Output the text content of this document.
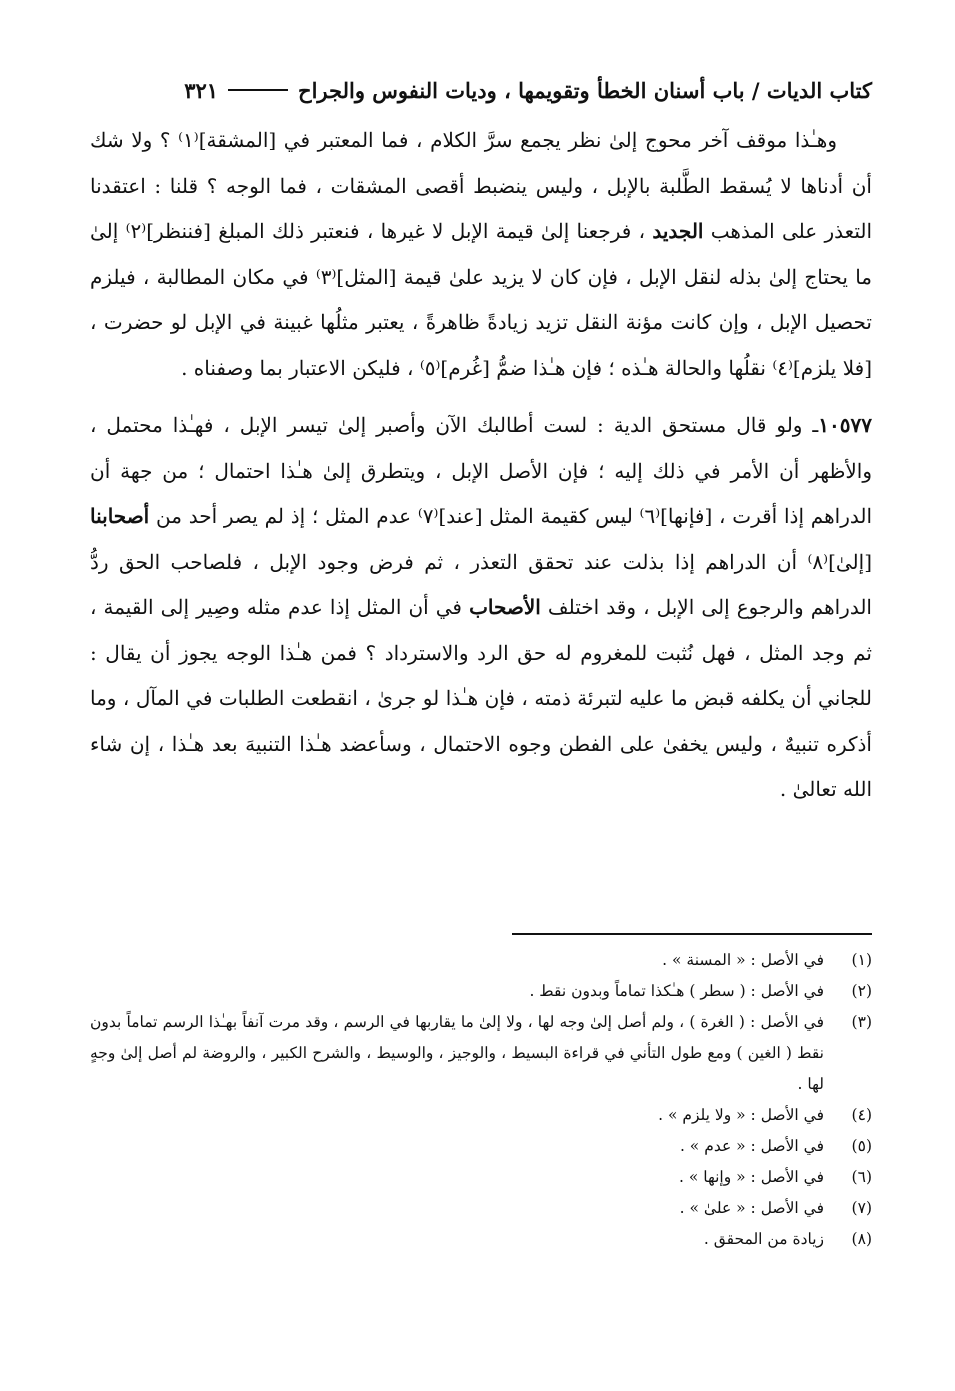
كتاب الديات / باب أسنان الخطأ وتقويمها ، وديات النفوس والجراح
٣٢١

وهـٰذا موقف آخر محوج إلىٰ نظر يجمع سرَّ الكلام ، فما المعتبر في [المشقة]⁽١⁾ ؟ ولا شك أن أدناها لا يُسقط الطَّلبة بالإبل ، وليس ينضبط أقصى المشقات ، فما الوجه ؟ قلنا : اعتقدنا التعذر على المذهب الجديد ، فرجعنا إلىٰ قيمة الإبل لا غيرها ، فنعتبر ذلك المبلغ [فننظر]⁽٢⁾ إلىٰ ما يحتاج إلىٰ بذله لنقل الإبل ، فإن كان لا يزيد علىٰ قيمة [المثل]⁽٣⁾ في مكان المطالبة ، فيلزم تحصيل الإبل ، وإن كانت مؤنة النقل تزيد زيادةً ظاهرةً ، يعتبر مثلُها غبينة في الإبل لو حضرت ، [فلا يلزم]⁽٤⁾ نقلُها والحالة هـٰذه ؛ فإن هـٰذا ضمُّ [غُرم]⁽٥⁾ ، فليكن الاعتبار بما وصفناه .

١٠٥٧٧ـ ولو قال مستحق الدية : لست أطالبك الآن وأصبر إلىٰ تيسر الإبل ، فهـٰذا محتمل ، والأظهر أن الأمر في ذلك إليه ؛ فإن الأصل الإبل ، ويتطرق إلىٰ هـٰذا احتمال ؛ من جهة أن الدراهم إذا أقرت ، [فإنها]⁽٦⁾ ليس كقيمة المثل [عند]⁽٧⁾ عدم المثل ؛ إذ لم يصر أحد من أصحابنا [إلىٰ]⁽٨⁾ أن الدراهم إذا بذلت عند تحقق التعذر ، ثم فرض وجود الإبل ، فلصاحب الحق ردُّ الدراهم والرجوع إلى الإبل ، وقد اختلف الأصحاب في أن المثل إذا عدم مثله وصِير إلى القيمة ، ثم وجد المثل ، فهل نُثبت للمغروم له حق الرد والاسترداد ؟ فمن هـٰذا الوجه يجوز أن يقال : للجاني أن يكلفه قبض ما عليه لتبرئة ذمته ، فإن هـٰذا لو جرىٰ ، انقطعت الطلبات في المآل ، وما أذكره تنبيهٌ ، وليس يخفىٰ على الفطن وجوه الاحتمال ، وسأعضد هـٰذا التنبيهَ بعد هـٰذا ، إن شاء الله تعالىٰ .

(١)
في الأصل : « المسنة » .
(٢)
في الأصل : ( سطر ) هـٰكذا تماماً وبدون نقط .
(٣)
في الأصل : ( الغرة ) ، ولم أصل إلىٰ وجه لها ، ولا إلىٰ ما يقاربها في الرسم ، وقد مرت آنفاً بهـٰذا الرسم تماماً بدون نقط ( الغين ) ومع طول التأني في قراءة البسيط ، والوجيز ، والوسيط ، والشرح الكبير ، والروضة لم أصل إلىٰ وجهٍ لها .
(٤)
في الأصل : « ولا يلزم » .
(٥)
في الأصل : « عدم » .
(٦)
في الأصل : « وإنها » .
(٧)
في الأصل : « علىٰ » .
(٨)
زيادة من المحقق .
